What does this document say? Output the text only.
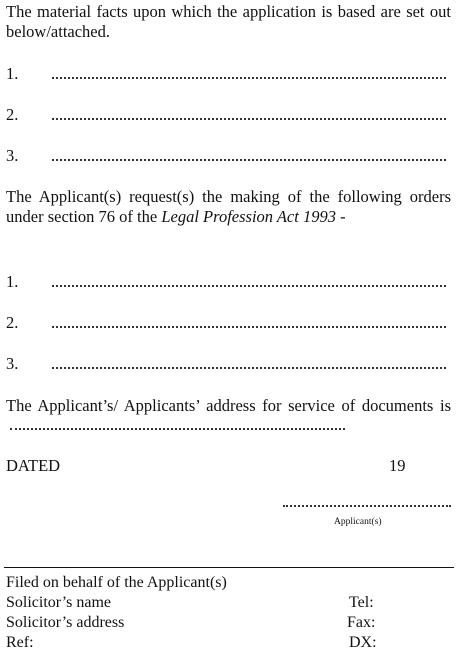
The material facts upon which the application is based are set out below/attached.
1.
2.
3.
The Applicant(s) request(s) the making of the following orders under section 76 of the Legal Profession Act 1993 -
1.
2.
3.
The Applicant’s/ Applicants’ address for service of documents is
DATED	19
Applicant(s)
Filed on behalf of the Applicant(s)
Solicitor’s name
Solicitor’s address
Ref:
Tel:
Fax:
DX:
